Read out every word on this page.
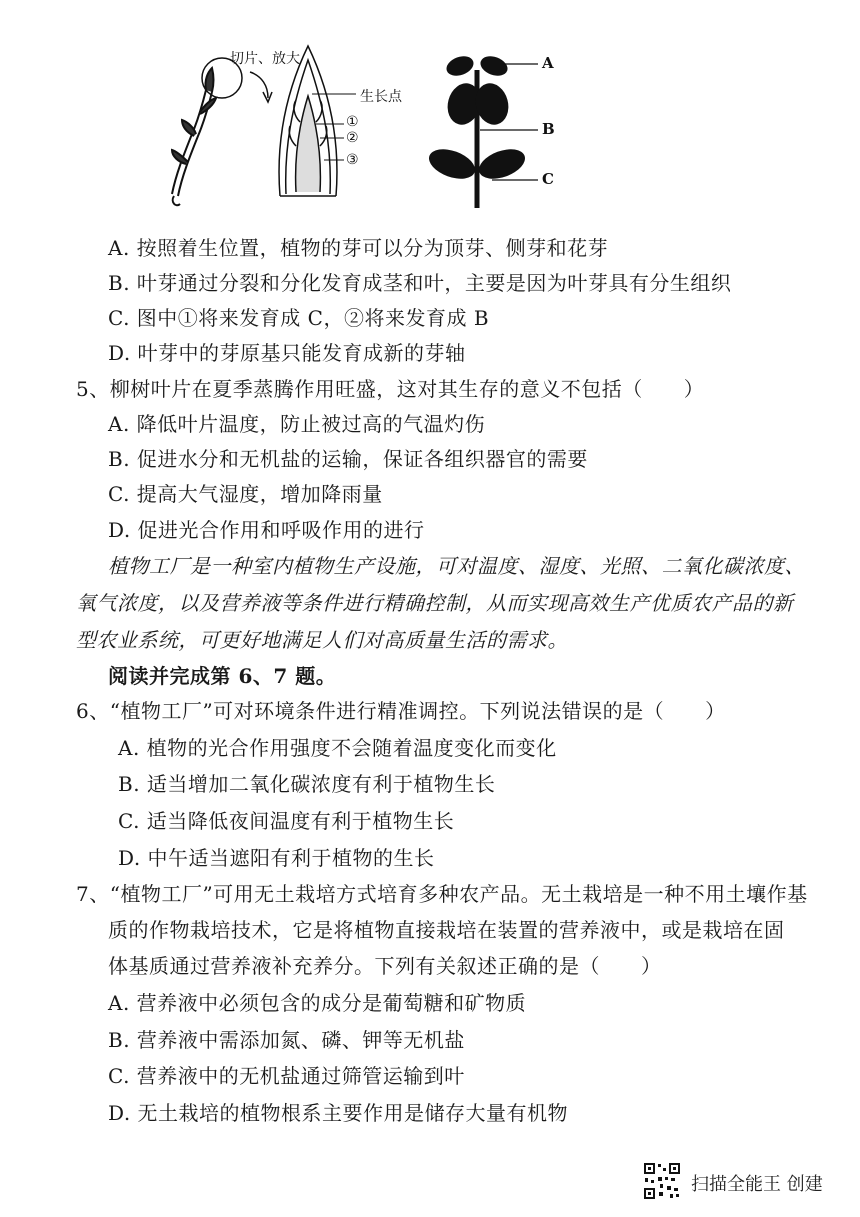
切片、放大
生长点
①
②
③
A
B
C
A. 按照着生位置，植物的芽可以分为顶芽、侧芽和花芽
B. 叶芽通过分裂和分化发育成茎和叶，主要是因为叶芽具有分生组织
C. 图中①将来发育成 C，②将来发育成 B
D. 叶芽中的芽原基只能发育成新的芽轴
5、柳树叶片在夏季蒸腾作用旺盛，这对其生存的意义不包括（　　）
A. 降低叶片温度，防止被过高的气温灼伤
B. 促进水分和无机盐的运输，保证各组织器官的需要
C. 提高大气湿度，增加降雨量
D. 促进光合作用和呼吸作用的进行
植物工厂是一种室内植物生产设施，可对温度、湿度、光照、二氧化碳浓度、
氧气浓度，以及营养液等条件进行精确控制，从而实现高效生产优质农产品的新
型农业系统，可更好地满足人们对高质量生活的需求。
阅读并完成第 6、7 题。
6、“植物工厂”可对环境条件进行精准调控。下列说法错误的是（　　）
A. 植物的光合作用强度不会随着温度变化而变化
B. 适当增加二氧化碳浓度有利于植物生长
C. 适当降低夜间温度有利于植物生长
D. 中午适当遮阳有利于植物的生长
7、“植物工厂”可用无土栽培方式培育多种农产品。无土栽培是一种不用土壤作基
质的作物栽培技术，它是将植物直接栽培在装置的营养液中，或是栽培在固
体基质通过营养液补充养分。下列有关叙述正确的是（　　）
A. 营养液中必须包含的成分是葡萄糖和矿物质
B. 营养液中需添加氮、磷、钾等无机盐
C. 营养液中的无机盐通过筛管运输到叶
D. 无土栽培的植物根系主要作用是储存大量有机物
扫描全能王 创建
